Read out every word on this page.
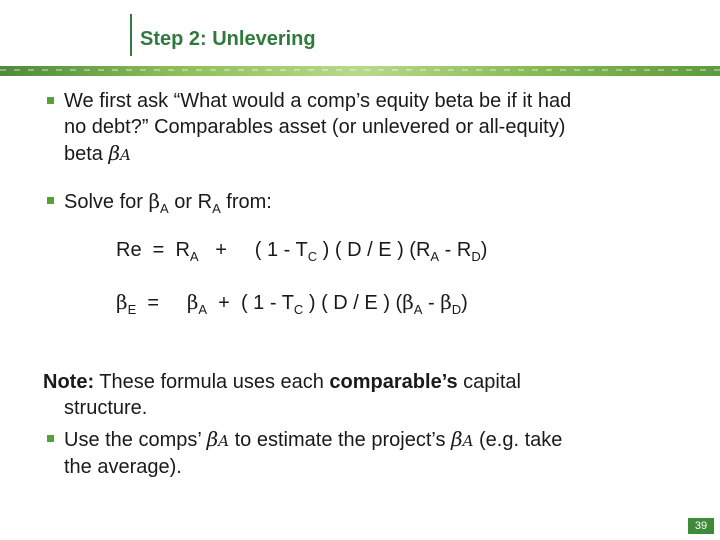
Step 2: Unlevering
We first ask “What would a comp’s equity beta be if it had
no debt?” Comparables asset (or unlevered or all-equity)
beta βA
Solve for $\beta_A$ or $R_A$ from:
$Re = R_A$   +     ( $1 - T_C$ ) ( D / E ) $(R_A - R_D)$
$\beta_E$  =     $\beta_A$  +  ( $1 - T_C$ ) ( D / E ) $(\beta_A - \beta_D)$
Note: These formula uses each comparable’s capital
structure.
Use the comps’ βA to estimate the project’s βA (e.g. take
the average).
39
